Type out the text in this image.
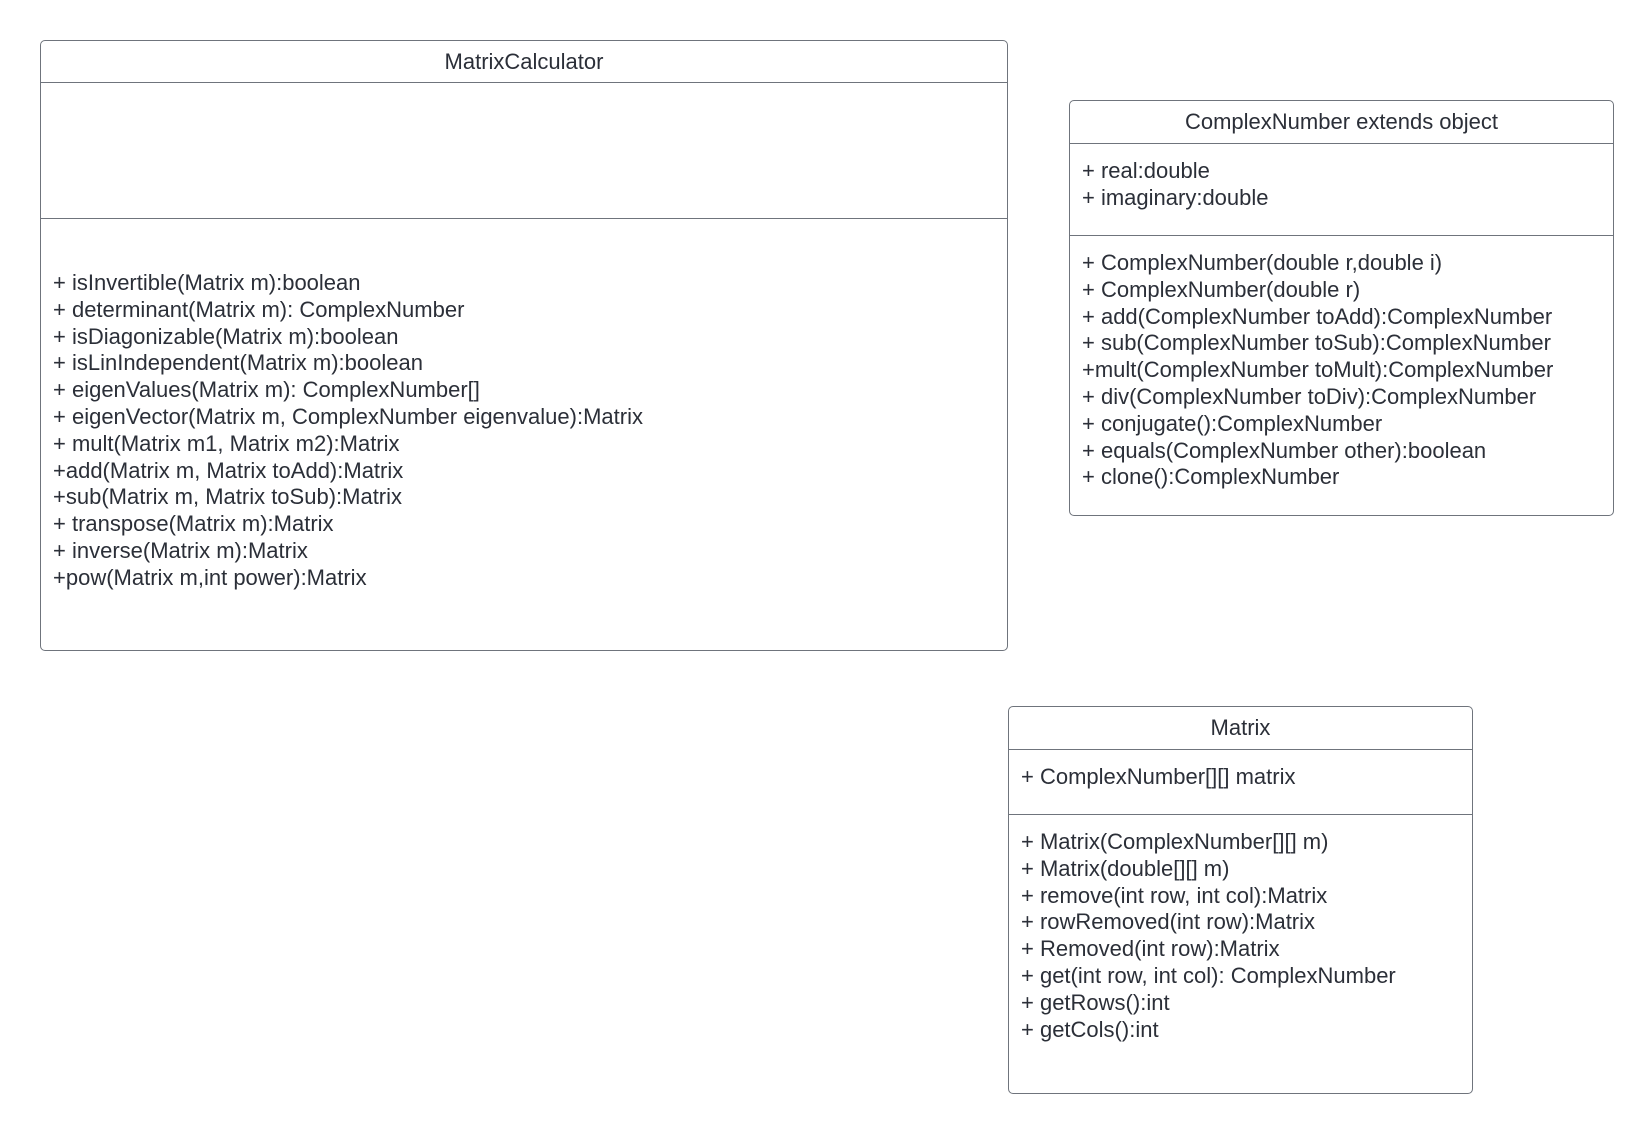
MatrixCalculator
+ isInvertible(Matrix m):boolean
+ determinant(Matrix m): ComplexNumber
+ isDiagonizable(Matrix m):boolean
+ isLinIndependent(Matrix m):boolean
+ eigenValues(Matrix m): ComplexNumber[]
+ eigenVector(Matrix m, ComplexNumber eigenvalue):Matrix
+ mult(Matrix m1, Matrix m2):Matrix
+add(Matrix m, Matrix toAdd):Matrix
+sub(Matrix m, Matrix toSub):Matrix
+ transpose(Matrix m):Matrix
+ inverse(Matrix m):Matrix
+pow(Matrix m,int power):Matrix
ComplexNumber extends object
+ real:double
+ imaginary:double
+ ComplexNumber(double r,double i)
+ ComplexNumber(double r)
+ add(ComplexNumber toAdd):ComplexNumber
+ sub(ComplexNumber toSub):ComplexNumber
+mult(ComplexNumber toMult):ComplexNumber
+ div(ComplexNumber toDiv):ComplexNumber
+ conjugate():ComplexNumber
+ equals(ComplexNumber other):boolean
+ clone():ComplexNumber
Matrix
+ ComplexNumber[][] matrix
+ Matrix(ComplexNumber[][] m)
+ Matrix(double[][] m)
+ remove(int row, int col):Matrix
+ rowRemoved(int row):Matrix
+ Removed(int row):Matrix
+ get(int row, int col): ComplexNumber
+ getRows():int
+ getCols():int
